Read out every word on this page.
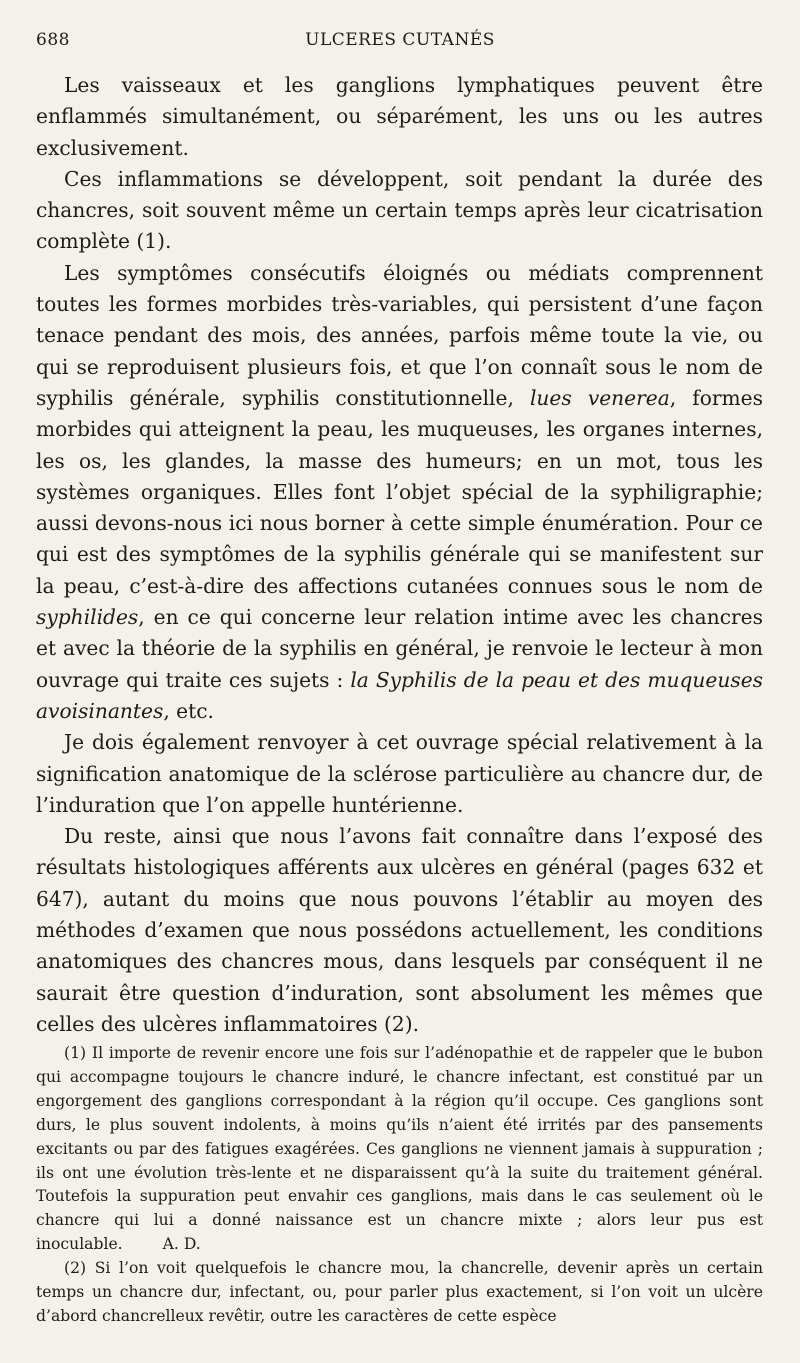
688	ULCERES CUTANÉS

Les vaisseaux et les ganglions lymphatiques peuvent être enflammés simultanément, ou séparément, les uns ou les autres exclusivement.

Ces inflammations se développent, soit pendant la durée des chancres, soit souvent même un certain temps après leur cicatrisation complète (1).

Les symptômes consécutifs éloignés ou médiats comprennent toutes les formes morbides très-variables, qui persistent d’une façon tenace pendant des mois, des années, parfois même toute la vie, ou qui se reproduisent plusieurs fois, et que l’on connaît sous le nom de syphilis générale, syphilis constitutionnelle, lues venerea, formes morbides qui atteignent la peau, les muqueuses, les organes internes, les os, les glandes, la masse des humeurs; en un mot, tous les systèmes organiques. Elles font l’objet spécial de la syphiligraphie; aussi devons-nous ici nous borner à cette simple énumération. Pour ce qui est des symptômes de la syphilis générale qui se manifestent sur la peau, c’est-à-dire des affections cutanées connues sous le nom de syphilides, en ce qui concerne leur relation intime avec les chancres et avec la théorie de la syphilis en général, je renvoie le lecteur à mon ouvrage qui traite ces sujets : la Syphilis de la peau et des muqueuses avoisinantes, etc.

Je dois également renvoyer à cet ouvrage spécial relativement à la signification anatomique de la sclérose particulière au chancre dur, de l’induration que l’on appelle huntérienne.

Du reste, ainsi que nous l’avons fait connaître dans l’exposé des résultats histologiques afférents aux ulcères en général (pages 632 et 647), autant du moins que nous pouvons l’établir au moyen des méthodes d’examen que nous possédons actuellement, les conditions anatomiques des chancres mous, dans lesquels par conséquent il ne saurait être question d’induration, sont absolument les mêmes que celles des ulcères inflammatoires (2).

(1) Il importe de revenir encore une fois sur l’adénopathie et de rappeler que le bubon qui accompagne toujours le chancre induré, le chancre infectant, est constitué par un engorgement des ganglions correspondant à la région qu’il occupe. Ces ganglions sont durs, le plus souvent indolents, à moins qu’ils n’aient été irrités par des pansements excitants ou par des fatigues exagérées. Ces ganglions ne viennent jamais à suppuration ; ils ont une évolution très-lente et ne disparaissent qu’à la suite du traitement général. Toutefois la suppuration peut envahir ces ganglions, mais dans le cas seulement où le chancre qui lui a donné naissance est un chancre mixte ; alors leur pus est inoculable.	A. D.

(2) Si l’on voit quelquefois le chancre mou, la chancrelle, devenir après un certain temps un chancre dur, infectant, ou, pour parler plus exactement, si l’on voit un ulcère d’abord chancrelleux revêtir, outre les caractères de cette espèce
